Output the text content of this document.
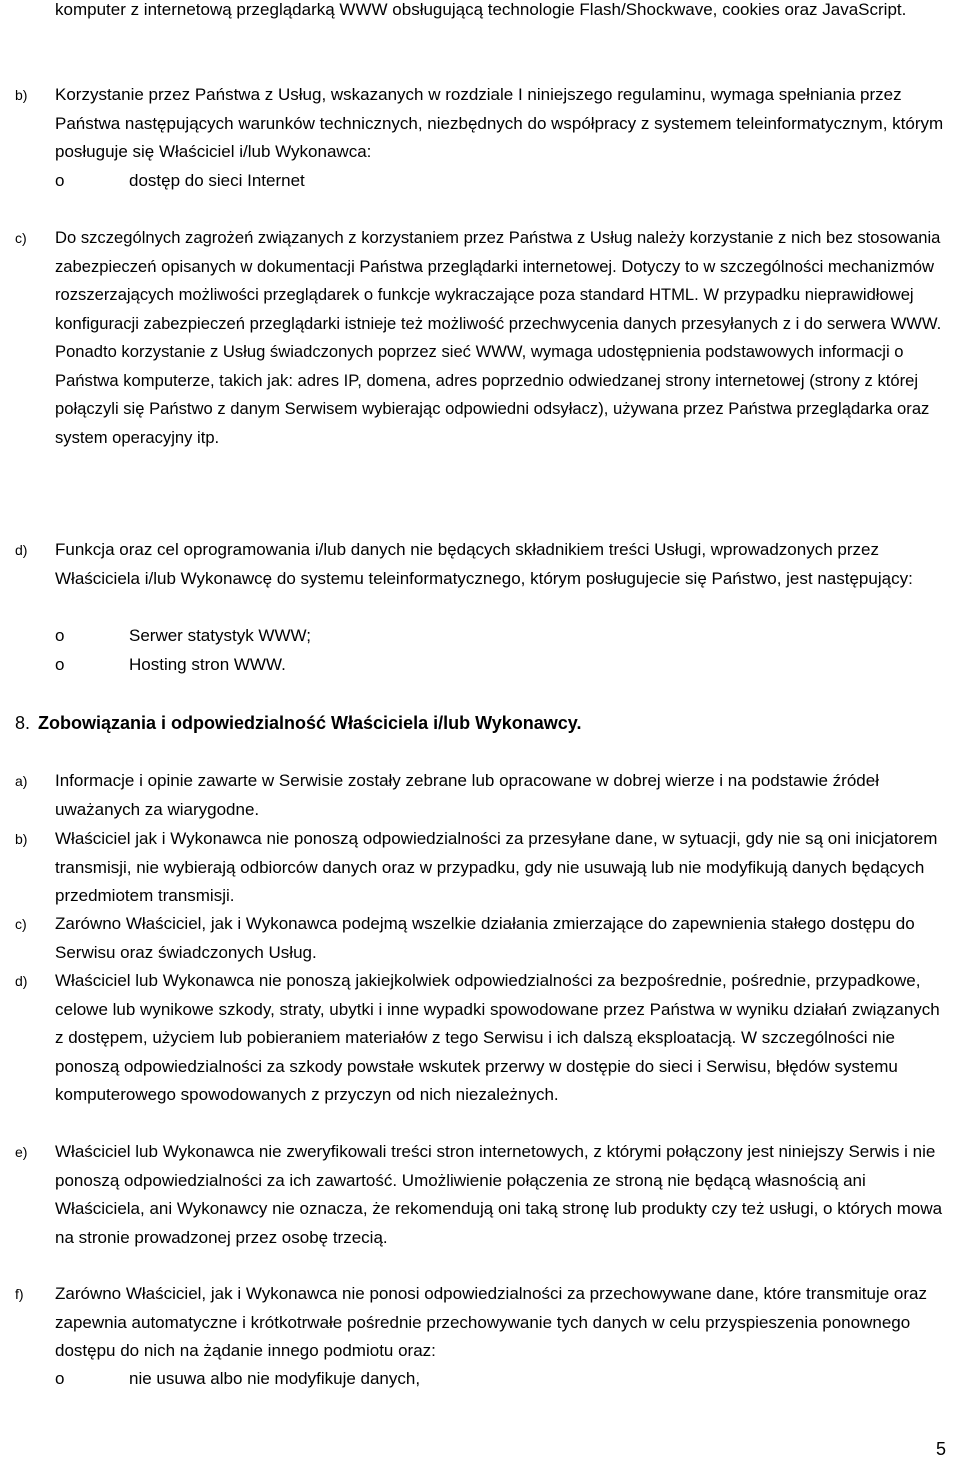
komputer z internetową przeglądarką WWW obsługującą technologie Flash/Shockwave, cookies oraz JavaScript.
b) Korzystanie przez Państwa z Usług, wskazanych w rozdziale I niniejszego regulaminu, wymaga spełniania przez Państwa następujących warunków technicznych, niezbędnych do współpracy z systemem teleinformatycznym, którym posługuje się Właściciel i/lub Wykonawca:
o	dostęp do sieci Internet
c) Do szczególnych zagrożeń związanych z korzystaniem przez Państwa z Usług należy korzystanie z nich bez stosowania zabezpieczeń opisanych w dokumentacji Państwa przeglądarki internetowej. Dotyczy to w szczególności mechanizmów rozszerzających możliwości przeglądarek o funkcje wykraczające poza standard HTML. W przypadku nieprawidłowej konfiguracji zabezpieczeń przeglądarki istnieje też możliwość przechwycenia danych przesyłanych z i do serwera WWW. Ponadto korzystanie z Usług świadczonych poprzez sieć WWW, wymaga udostępnienia podstawowych informacji o Państwa komputerze, takich jak: adres IP, domena, adres poprzednio odwiedzanej strony internetowej (strony z której połączyli się Państwo z danym Serwisem wybierając odpowiedni odsyłacz), używana przez Państwa przeglądarka oraz system operacyjny itp.
d) Funkcja oraz cel oprogramowania i/lub danych nie będących składnikiem treści Usługi, wprowadzonych przez Właściciela i/lub Wykonawcę do systemu teleinformatycznego, którym posługujecie się Państwo, jest następujący:
o	Serwer statystyk WWW;
o	Hosting stron WWW.
8. Zobowiązania i odpowiedzialność Właściciela i/lub Wykonawcy.
a) Informacje i opinie zawarte w Serwisie zostały zebrane lub opracowane w dobrej wierze i na podstawie źródeł uważanych za wiarygodne.
b) Właściciel jak i Wykonawca nie ponoszą odpowiedzialności za przesyłane dane, w sytuacji, gdy nie są oni inicjatorem transmisji, nie wybierają odbiorców danych oraz w przypadku, gdy nie usuwają lub nie modyfikują danych będących przedmiotem transmisji.
c) Zarówno Właściciel, jak i Wykonawca podejmą wszelkie działania zmierzające do zapewnienia stałego dostępu do Serwisu oraz świadczonych Usług.
d) Właściciel lub Wykonawca nie ponoszą jakiejkolwiek odpowiedzialności za bezpośrednie, pośrednie, przypadkowe, celowe lub wynikowe szkody, straty, ubytki i inne wypadki spowodowane przez Państwa w wyniku działań związanych z dostępem, użyciem lub pobieraniem materiałów z tego Serwisu i ich dalszą eksploatacją. W szczególności nie ponoszą odpowiedzialności za szkody powstałe wskutek przerwy w dostępie do sieci i Serwisu, błędów systemu komputerowego spowodowanych z przyczyn od nich niezależnych.
e) Właściciel lub Wykonawca nie zweryfikowali treści stron internetowych, z którymi połączony jest niniejszy Serwis i nie ponoszą odpowiedzialności za ich zawartość. Umożliwienie połączenia ze stroną nie będącą własnością ani Właściciela, ani Wykonawcy nie oznacza, że rekomendują oni taką stronę lub produkty czy też usługi, o których mowa na stronie prowadzonej przez osobę trzecią.
f) Zarówno Właściciel, jak i Wykonawca nie ponosi odpowiedzialności za przechowywane dane, które transmituje oraz zapewnia automatyczne i krótkotrwałe pośrednie przechowywanie tych danych w celu przyspieszenia ponownego dostępu do nich na żądanie innego podmiotu oraz:
o	nie usuwa albo nie modyfikuje danych,
5
